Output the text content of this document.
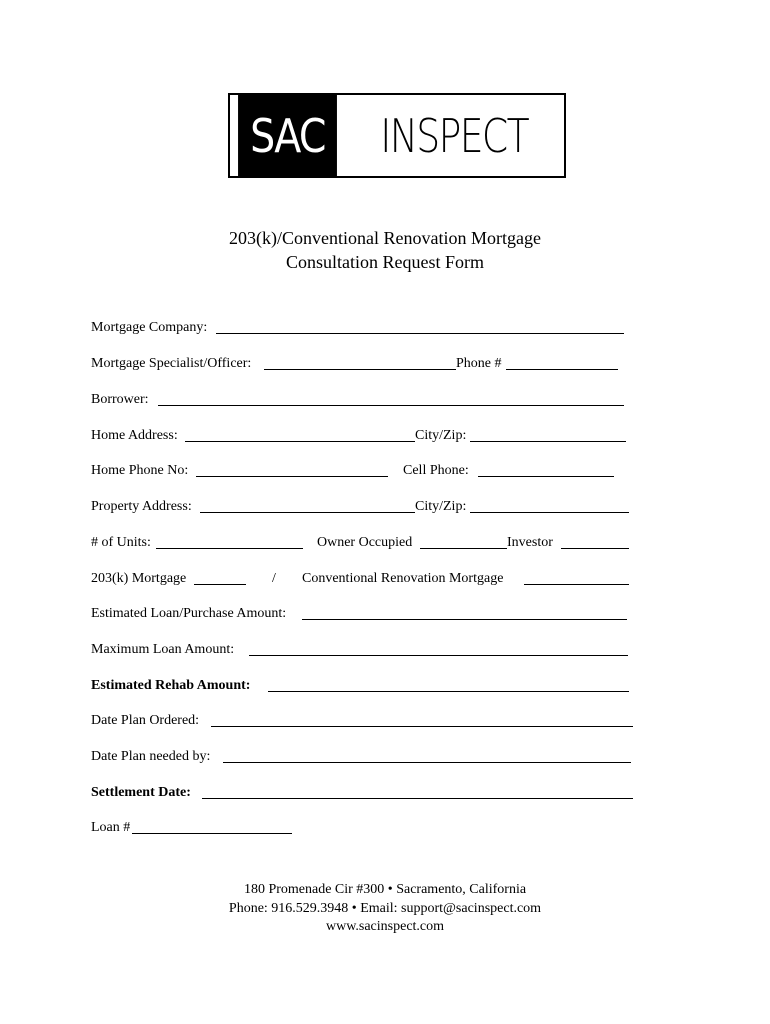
SAC INSPECT
203(k)/Conventional Renovation Mortgage
Consultation Request Form
Mortgage Company:
Mortgage Specialist/Officer:	Phone #
Borrower:
Home Address:	City/Zip:
Home Phone No:	Cell Phone:
Property Address:	City/Zip:
# of Units:	Owner Occupied	Investor
203(k) Mortgage	/ Conventional Renovation Mortgage
Estimated Loan/Purchase Amount:
Maximum Loan Amount:
Estimated Rehab Amount:
Date Plan Ordered:
Date Plan needed by:
Settlement Date:
Loan #
180 Promenade Cir #300 • Sacramento, California
Phone: 916.529.3948 • Email: support@sacinspect.com
www.sacinspect.com
